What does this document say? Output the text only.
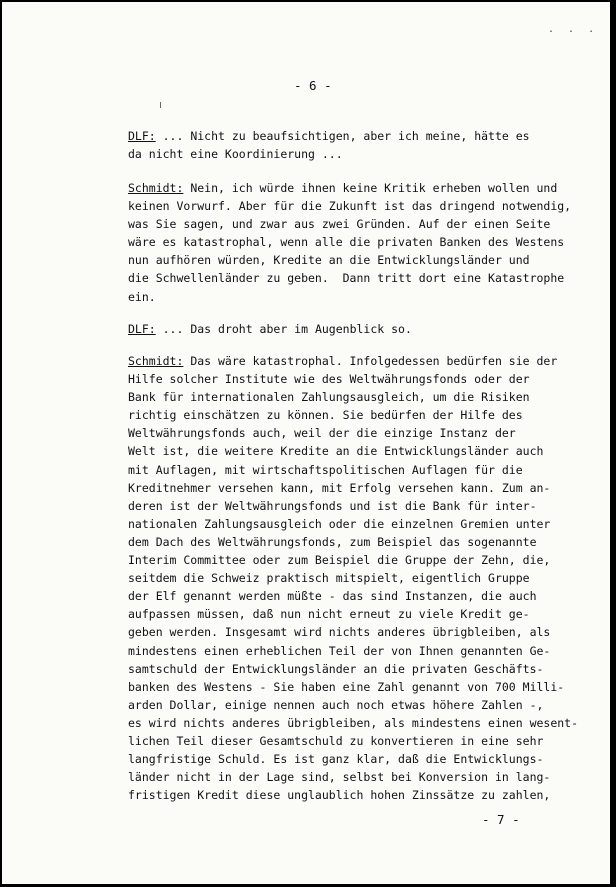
. . .
- 6 -

DLF: ... Nicht zu beaufsichtigen, aber ich meine, hätte es
da nicht eine Koordinierung ...

Schmidt: Nein, ich würde ihnen keine Kritik erheben wollen und
keinen Vorwurf. Aber für die Zukunft ist das dringend notwendig,
was Sie sagen, und zwar aus zwei Gründen. Auf der einen Seite
wäre es katastrophal, wenn alle die privaten Banken des Westens
nun aufhören würden, Kredite an die Entwicklungsländer und
die Schwellenländer zu geben.  Dann tritt dort eine Katastrophe
ein.

DLF: ... Das droht aber im Augenblick so.

Schmidt: Das wäre katastrophal. Infolgedessen bedürfen sie der
Hilfe solcher Institute wie des Weltwährungsfonds oder der
Bank für internationalen Zahlungsausgleich, um die Risiken
richtig einschätzen zu können. Sie bedürfen der Hilfe des
Weltwährungsfonds auch, weil der die einzige Instanz der
Welt ist, die weitere Kredite an die Entwicklungsländer auch
mit Auflagen, mit wirtschaftspolitischen Auflagen für die
Kreditnehmer versehen kann, mit Erfolg versehen kann. Zum an-
deren ist der Weltwährungsfonds und ist die Bank für inter-
nationalen Zahlungsausgleich oder die einzelnen Gremien unter
dem Dach des Weltwährungsfonds, zum Beispiel das sogenannte
Interim Committee oder zum Beispiel die Gruppe der Zehn, die,
seitdem die Schweiz praktisch mitspielt, eigentlich Gruppe
der Elf genannt werden müßte - das sind Instanzen, die auch
aufpassen müssen, daß nun nicht erneut zu viele Kredit ge-
geben werden. Insgesamt wird nichts anderes übrigbleiben, als
mindestens einen erheblichen Teil der von Ihnen genannten Ge-
samtschuld der Entwicklungsländer an die privaten Geschäfts-
banken des Westens - Sie haben eine Zahl genannt von 700 Milli-
arden Dollar, einige nennen auch noch etwas höhere Zahlen -,
es wird nichts anderes übrigbleiben, als mindestens einen wesent-
lichen Teil dieser Gesamtschuld zu konvertieren in eine sehr
langfristige Schuld. Es ist ganz klar, daß die Entwicklungs-
länder nicht in der Lage sind, selbst bei Konversion in lang-
fristigen Kredit diese unglaublich hohen Zinssätze zu zahlen,

- 7 -
